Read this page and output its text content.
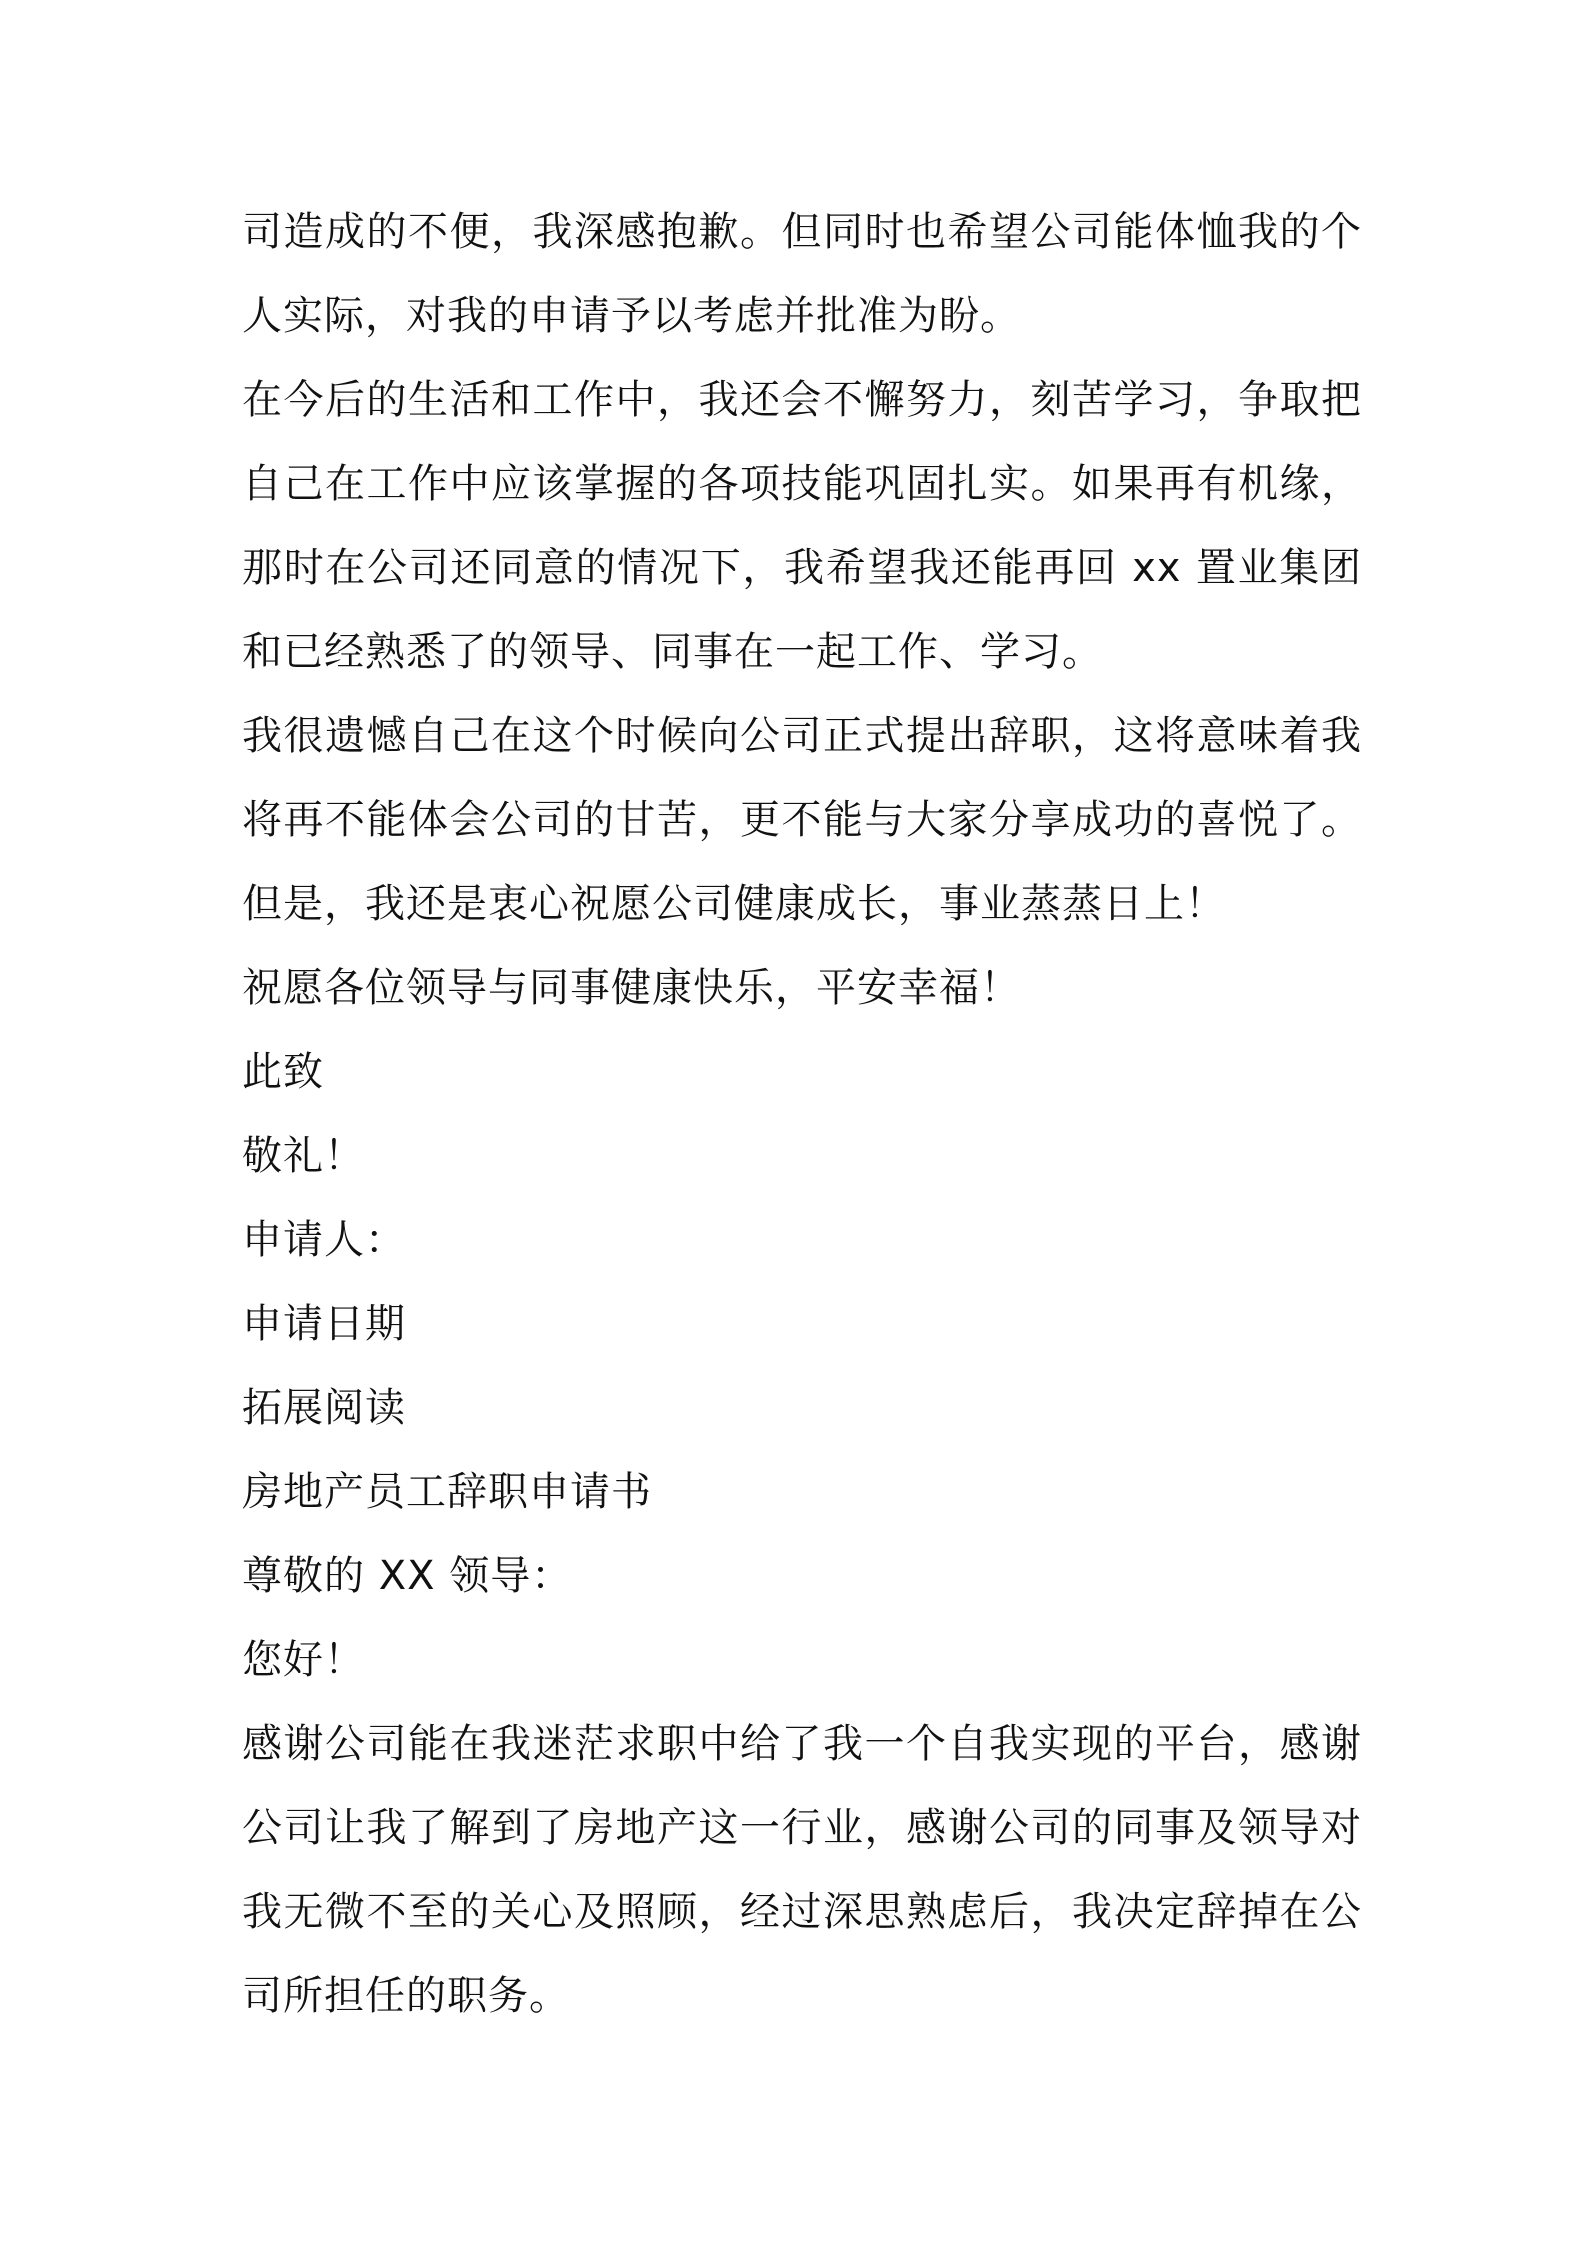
司造成的不便，我深感抱歉。但同时也希望公司能体恤我的个人实际，对我的申请予以考虑并批准为盼。

在今后的生活和工作中，我还会不懈努力，刻苦学习，争取把自己在工作中应该掌握的各项技能巩固扎实。如果再有机缘，那时在公司还同意的情况下，我希望我还能再回 xx 置业集团和已经熟悉了的领导、同事在一起工作、学习。

我很遗憾自己在这个时候向公司正式提出辞职，这将意味着我将再不能体会公司的甘苦，更不能与大家分享成功的喜悦了。但是，我还是衷心祝愿公司健康成长，事业蒸蒸日上！

祝愿各位领导与同事健康快乐，平安幸福！

此致

敬礼！

申请人：

申请日期

拓展阅读

房地产员工辞职申请书

尊敬的 XX 领导：

您好！

感谢公司能在我迷茫求职中给了我一个自我实现的平台，感谢公司让我了解到了房地产这一行业，感谢公司的同事及领导对我无微不至的关心及照顾，经过深思熟虑后，我决定辞掉在公司所担任的职务。
